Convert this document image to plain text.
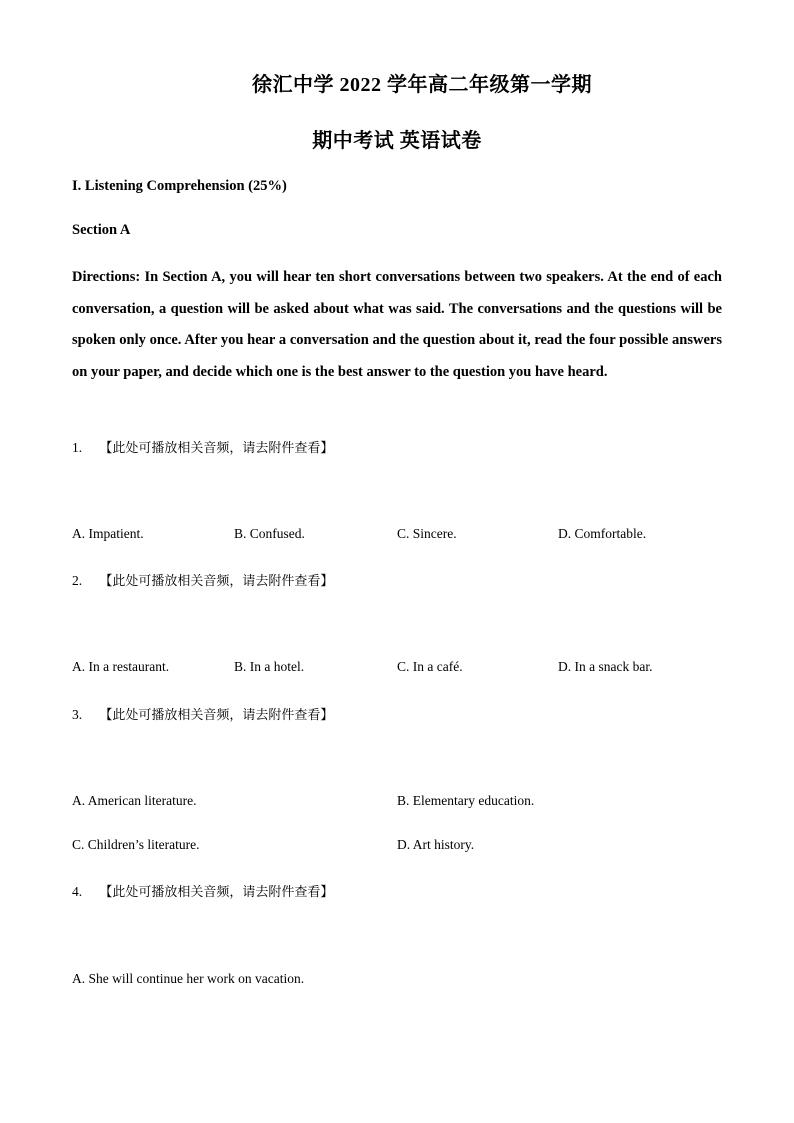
徐汇中学 2022 学年高二年级第一学期
期中考试 英语试卷
I. Listening Comprehension (25%)
Section A
Directions: In Section A, you will hear ten short conversations between two speakers. At the end of each conversation, a question will be asked about what was said. The conversations and the questions will be spoken only once. After you hear a conversation and the question about it, read the four possible answers on your paper, and decide which one is the best answer to the question you have heard.
1. 【此处可播放相关音频，请去附件查看】
A. Impatient.	B. Confused.	C. Sincere.	D. Comfortable.
2. 【此处可播放相关音频，请去附件查看】
A. In a restaurant.	B. In a hotel.	C. In a café.	D. In a snack bar.
3. 【此处可播放相关音频，请去附件查看】
A. American literature.	B. Elementary education.
C. Children’s literature.	D. Art history.
4. 【此处可播放相关音频，请去附件查看】
A. She will continue her work on vacation.
